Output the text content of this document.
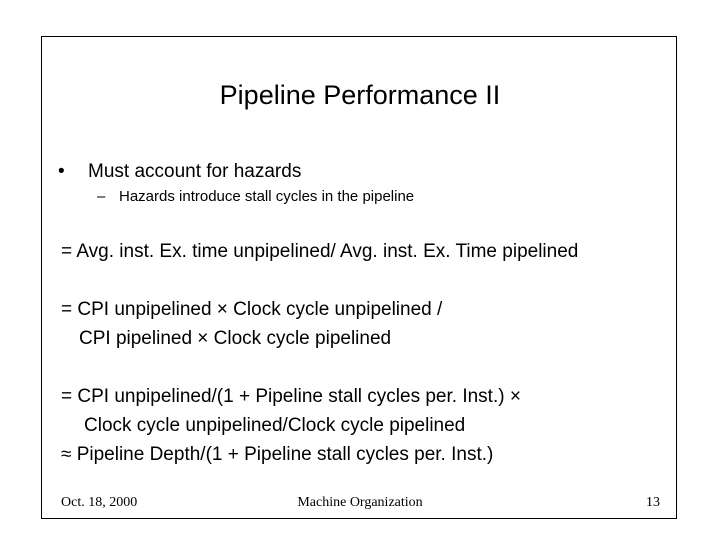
Pipeline Performance II
• Must account for hazards
– Hazards introduce stall cycles in the pipeline
= Avg. inst. Ex. time unpipelined/ Avg. inst. Ex. Time pipelined
= CPI unpipelined × Clock cycle unpipelined /
CPI pipelined × Clock cycle pipelined
= CPI unpipelined/(1 + Pipeline stall cycles per. Inst.) ×
Clock cycle unpipelined/Clock cycle pipelined
≈ Pipeline Depth/(1 + Pipeline stall cycles per. Inst.)
Oct. 18, 2000	Machine Organization	13
